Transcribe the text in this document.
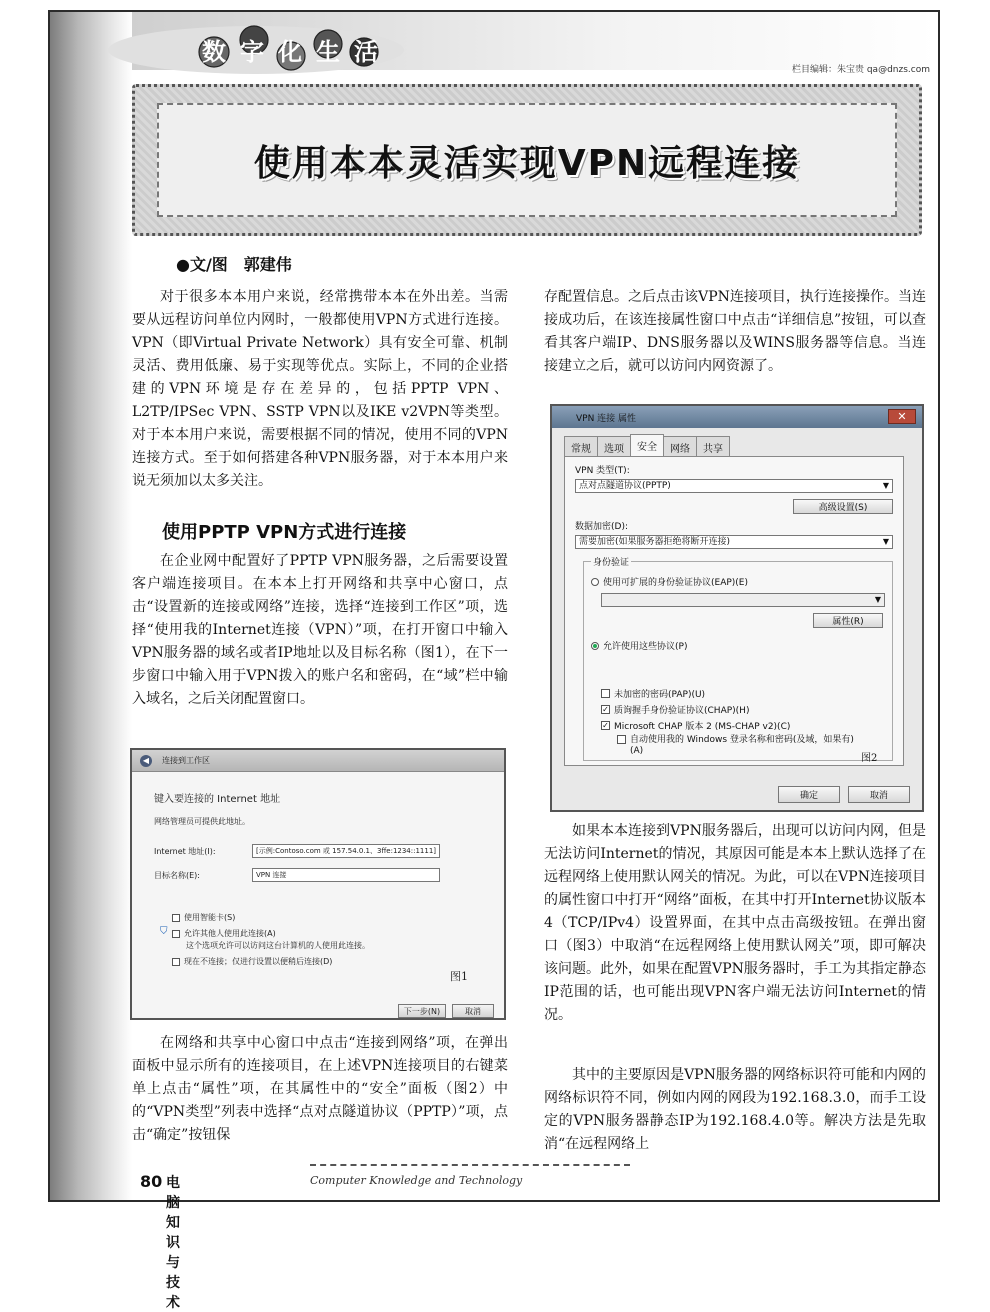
数字化生活
栏目编辑：朱宝贵 qa@dnzs.com
使用本本灵活实现VPN远程连接
●文/图　郭建伟
对于很多本本用户来说，经常携带本本在外出差。当需要从远程访问单位内网时，一般都使用VPN方式进行连接。VPN（即Virtual Private Network）具有安全可靠、机制灵活、费用低廉、易于实现等优点。实际上，不同的企业搭建的VPN环境是存在差异的，包括PPTP VPN、L2TP/IPSec VPN、SSTP VPN以及IKE v2VPN等类型。对于本本用户来说，需要根据不同的情况，使用不同的VPN连接方式。至于如何搭建各种VPN服务器，对于本本用户来说无须加以太多关注。
使用PPTP VPN方式进行连接
在企业网中配置好了PPTP VPN服务器，之后需要设置客户端连接项目。在本本上打开网络和共享中心窗口，点击“设置新的连接或网络”连接，选择“连接到工作区”项，选择“使用我的Internet连接（VPN）”项，在打开窗口中输入VPN服务器的域名或者IP地址以及目标名称（图1），在下一步窗口中输入用于VPN拨入的账户名和密码，在“域”栏中输入域名，之后关闭配置窗口。
◀	连接到工作区
键入要连接的 Internet 地址
网络管理员可提供此地址。
Internet 地址(I):	[示例:Contoso.com 或 157.54.0.1、3ffe:1234::1111]
目标名称(E):	VPN 连接
使用智能卡(S)
允许其他人使用此连接(A)
⛉
这个选项允许可以访问这台计算机的人使用此连接。
现在不连接；仅进行设置以便稍后连接(D)
图1
下一步(N)	取消
在网络和共享中心窗口中点击“连接到网络”项，在弹出面板中显示所有的连接项目，在上述VPN连接项目的右键菜单上点击“属性”项，在其属性中的“安全”面板（图2）中的“VPN类型”列表中选择“点对点隧道协议（PPTP）”项，点击“确定”按钮保
存配置信息。之后点击该VPN连接项目，执行连接操作。当连接成功后，在该连接属性窗口中点击“详细信息”按钮，可以查看其客户端IP、DNS服务器以及WINS服务器等信息。当连接建立之后，就可以访问内网资源了。
VPN 连接 属性	✕
常规	选项	安全	网络	共享
VPN 类型(T):
点对点隧道协议(PPTP) ▼
高级设置(S)
数据加密(D):
需要加密(如果服务器拒绝将断开连接) ▼
身份验证
使用可扩展的身份验证协议(EAP)(E)
▼
属性(R)
允许使用这些协议(P)
未加密的密码(PAP)(U)
✓ 质询握手身份验证协议(CHAP)(H)
✓ Microsoft CHAP 版本 2 (MS-CHAP v2)(C)
自动使用我的 Windows 登录名称和密码(及域，如果有)(A)
图2
确定	取消
如果本本连接到VPN服务器后，出现可以访问内网，但是无法访问Internet的情况，其原因可能是本本上默认选择了在远程网络上使用默认网关的情况。为此，可以在VPN连接项目的属性窗口中打开“网络”面板，在其中打开Internet协议版本4（TCP/IPv4）设置界面，在其中点击高级按钮。在弹出窗口（图3）中取消“在远程网络上使用默认网关”项，即可解决该问题。此外，如果在配置VPN服务器时，手工为其指定静态IP范围的话，也可能出现VPN客户端无法访问Internet的情况。
其中的主要原因是VPN服务器的网络标识符可能和内网的网络标识符不同，例如内网的网段为192.168.3.0，而手工设定的VPN服务器静态IP为192.168.4.0等。解决方法是先取消“在远程网络上
80 电脑知识与技术
Computer Knowledge and Technology
